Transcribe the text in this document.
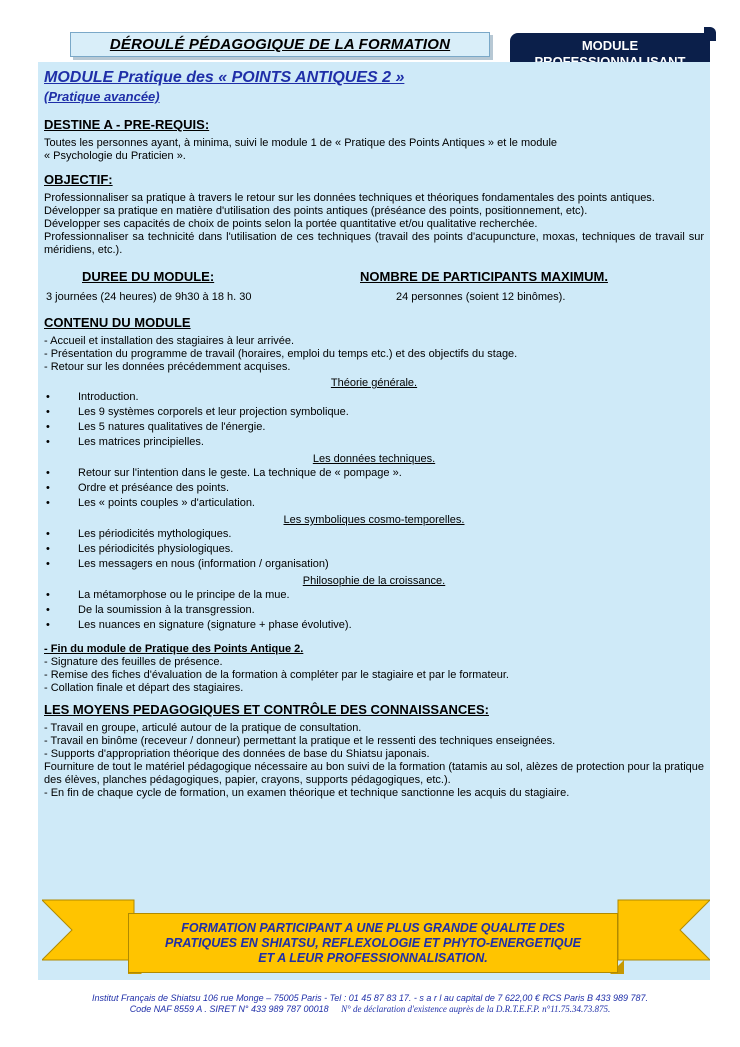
DÉROULÉ PÉDAGOGIQUE DE LA FORMATION	MODULE
MODULE Pratique des « POINTS ANTIQUES 2 »
(Pratique avancée)
DESTINE A - PRE-REQUIS:
Toutes les personnes ayant, à minima, suivi le module 1 de « Pratique des Points Antiques » et le module
« Psychologie du Praticien ».
OBJECTIF:
Professionnaliser sa pratique à travers le retour sur les données techniques et théoriques fondamentales des points antiques.
Développer sa pratique en matière d'utilisation des points antiques (préséance des points, positionnement, etc).
Développer ses capacités de choix de points selon la portée quantitative et/ou qualitative recherchée.
Professionnaliser sa technicité dans l'utilisation de ces techniques (travail des points d'acupuncture, moxas, techniques de travail sur méridiens, etc.).
DUREE DU MODULE:
3 journées (24 heures) de 9h30 à 18 h. 30
NOMBRE DE PARTICIPANTS MAXIMUM.
24 personnes (soient 12 binômes).
CONTENU DU MODULE
- Accueil et installation des stagiaires à leur arrivée.
- Présentation du programme de travail (horaires, emploi du temps etc.) et des objectifs du stage.
- Retour sur les données précédemment acquises.
Théorie générale.
•	Introduction.
•	Les 9 systèmes corporels et leur projection symbolique.
•	Les 5 natures qualitatives de l'énergie.
•	Les matrices principielles.
Les données techniques.
•	Retour sur l'intention dans le geste. La technique de « pompage ».
•	Ordre et préséance des points.
•	Les « points couples » d'articulation.
Les symboliques cosmo-temporelles.
•	Les périodicités mythologiques.
•	Les périodicités physiologiques.
•	Les messagers en nous (information / organisation)
Philosophie de la croissance.
•	La métamorphose ou le principe de la mue.
•	De la soumission à la transgression.
•	Les nuances en signature (signature + phase évolutive).
- Fin du module de Pratique des Points Antique 2.
- Signature des feuilles de présence.
- Remise des fiches d'évaluation de la formation à compléter par le stagiaire et par le formateur.
- Collation finale et départ des stagiaires.
LES MOYENS PEDAGOGIQUES ET CONTRÔLE DES CONNAISSANCES:
- Travail en groupe, articulé autour de la pratique de consultation.
- Travail en binôme (receveur / donneur) permettant la pratique et le ressenti des techniques enseignées.
- Supports d'appropriation théorique des données de base du Shiatsu japonais.
Fourniture de tout le matériel pédagogique nécessaire au bon suivi de la formation (tatamis au sol, alèzes de protection pour la pratique des élèves, planches pédagogiques, papier, crayons, supports pédagogiques, etc.).
- En fin de chaque cycle de formation, un examen théorique et technique sanctionne les acquis du stagiaire.
FORMATION PARTICIPANT A UNE PLUS GRANDE QUALITE DES
PRATIQUES EN SHIATSU, REFLEXOLOGIE ET PHYTO-ENERGETIQUE
ET A LEUR PROFESSIONNALISATION.
Institut Français de Shiatsu 106 rue Monge – 75005 Paris - Tel : 01 45 87 83 17. - s a r l au capital de 7 622,00 € RCS Paris B 433 989 787.
Code NAF 8559 A . SIRET N° 433 989 787 00018 N° de déclaration d'existence auprès de la D.R.T.E.F.P. n°11.75.34.73.875.
